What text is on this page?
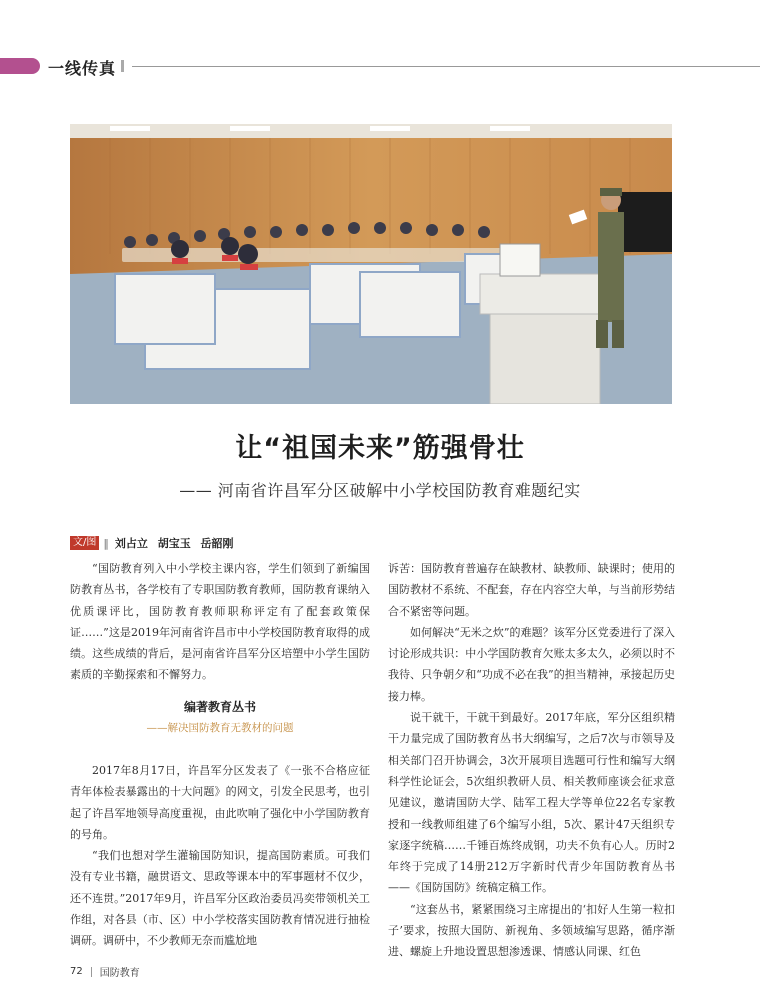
一线传真
让“祖国未来”筋强骨壮
—— 河南省许昌军分区破解中小学校国防教育难题纪实
文/图 ‖ 刘占立 胡宝玉 岳韶刚

“国防教育列入中小学校主课内容，学生们领到了新编国防教育丛书，各学校有了专职国防教育教师，国防教育课纳入优质课评比，国防教育教师职称评定有了配套政策保证……”这是2019年河南省许昌市中小学校国防教育取得的成绩。这些成绩的背后，是河南省许昌军分区培塑中小学生国防素质的辛勤探索和不懈努力。

编著教育丛书
——解决国防教育无教材的问题

2017年8月17日，许昌军分区发表了《一张不合格应征青年体检表暴露出的十大问题》的网文，引发全民思考，也引起了许昌军地领导高度重视，由此吹响了强化中小学国防教育的号角。

“我们也想对学生灌输国防知识，提高国防素质。可我们没有专业书籍，融贯语文、思政等课本中的军事题材不仅少，还不连贯。”2017年9月，许昌军分区政治委员冯奕带领机关工作组，对各县（市、区）中小学校落实国防教育情况进行抽检调研。调研中，不少教师无奈而尴尬地

诉苦：国防教育普遍存在缺教材、缺教师、缺课时；使用的国防教材不系统、不配套，存在内容空大单，与当前形势结合不紧密等问题。

如何解决“无米之炊”的难题？该军分区党委进行了深入讨论形成共识：中小学国防教育欠账太多太久，必须以时不我待、只争朝夕和“功成不必在我”的担当精神，承接起历史接力棒。

说干就干，干就干到最好。2017年底，军分区组织精干力量完成了国防教育丛书大纲编写，之后7次与市领导及相关部门召开协调会，3次开展项目选题可行性和编写大纲科学性论证会，5次组织教研人员、相关教师座谈会征求意见建议，邀请国防大学、陆军工程大学等单位22名专家教授和一线教师组建了6个编写小组，5次、累计47天组织专家逐字统稿……千锤百炼终成钢，功夫不负有心人。历时2年终于完成了14册212万字新时代青少年国防教育丛书——《国防国防》统稿定稿工作。

“这套丛书，紧紧围绕习主席提出的‘扣好人生第一粒扣子’要求，按照大国防、新视角、多领域编写思路，循序渐进、螺旋上升地设置思想渗透课、情感认同课、红色

72 国防教育
